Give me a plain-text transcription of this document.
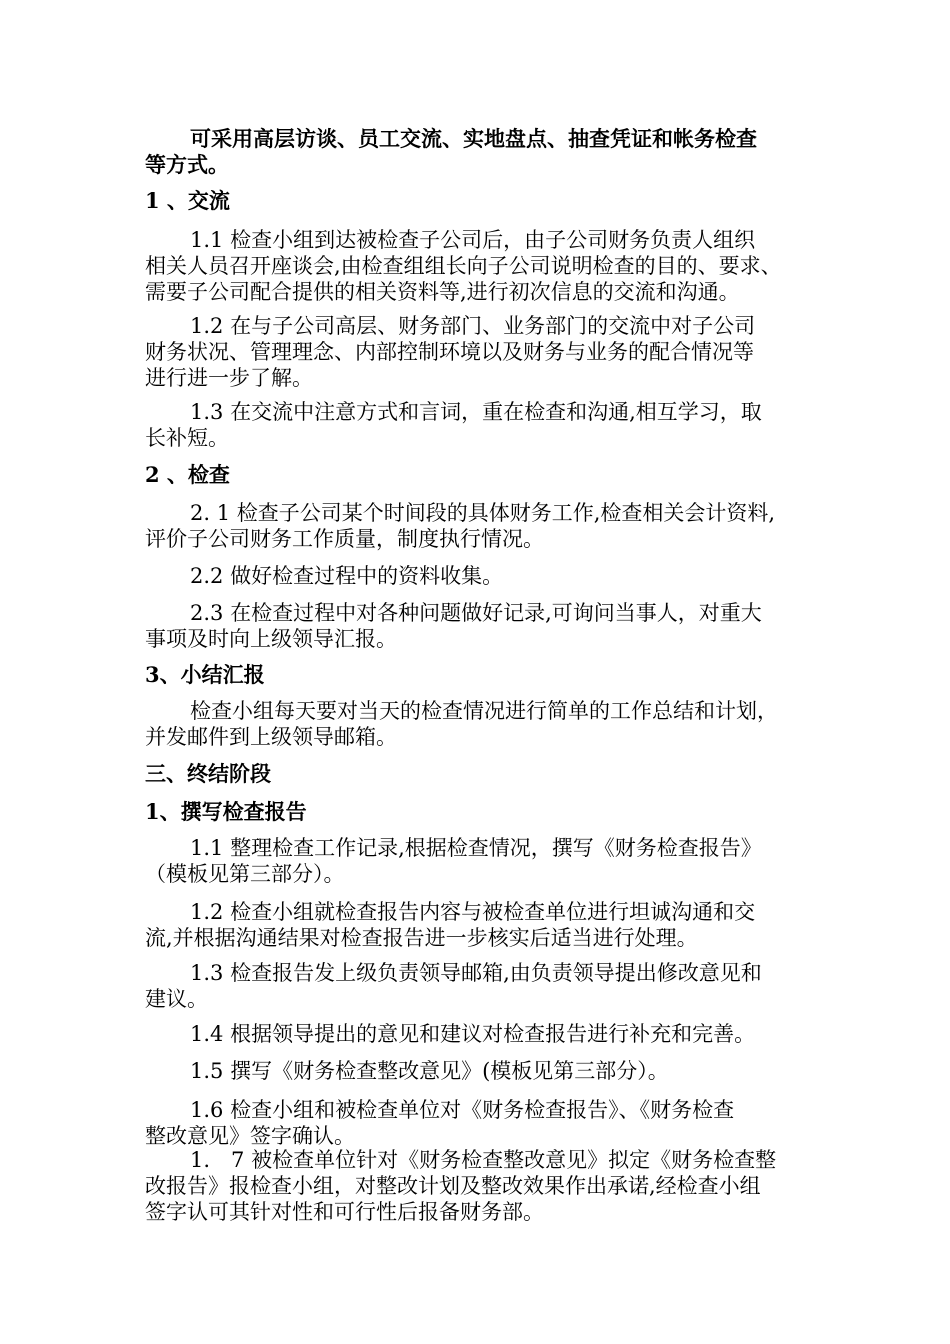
可采用高层访谈、员工交流、实地盘点、抽查凭证和帐务检查
等方式。
1 、交流
1.1 检查小组到达被检查子公司后，由子公司财务负责人组织
相关人员召开座谈会,由检查组组长向子公司说明检查的目的、要求、
需要子公司配合提供的相关资料等,进行初次信息的交流和沟通。
1.2 在与子公司高层、财务部门、业务部门的交流中对子公司
财务状况、管理理念、内部控制环境以及财务与业务的配合情况等
进行进一步了解。
1.3 在交流中注意方式和言词，重在检查和沟通,相互学习，取
长补短。
2 、检查
2. 1 检查子公司某个时间段的具体财务工作,检查相关会计资料,
评价子公司财务工作质量，制度执行情况。
2.2 做好检查过程中的资料收集。
2.3 在检查过程中对各种问题做好记录,可询问当事人，对重大
事项及时向上级领导汇报。
3、小结汇报
检查小组每天要对当天的检查情况进行简单的工作总结和计划，
并发邮件到上级领导邮箱。
三、终结阶段
1、撰写检查报告
1.1 整理检查工作记录,根据检查情况，撰写《财务检查报告》
（模板见第三部分）。
1.2 检查小组就检查报告内容与被检查单位进行坦诚沟通和交
流,并根据沟通结果对检查报告进一步核实后适当进行处理。
1.3 检查报告发上级负责领导邮箱,由负责领导提出修改意见和
建议。
1.4 根据领导提出的意见和建议对检查报告进行补充和完善。
1.5 撰写《财务检查整改意见》(模板见第三部分）。
1.6 检查小组和被检查单位对《财务检查报告》、《财务检查
整改意见》签字确认。
1.　7 被检查单位针对《财务检查整改意见》拟定《财务检查整
改报告》报检查小组，对整改计划及整改效果作出承诺,经检查小组
签字认可其针对性和可行性后报备财务部。
